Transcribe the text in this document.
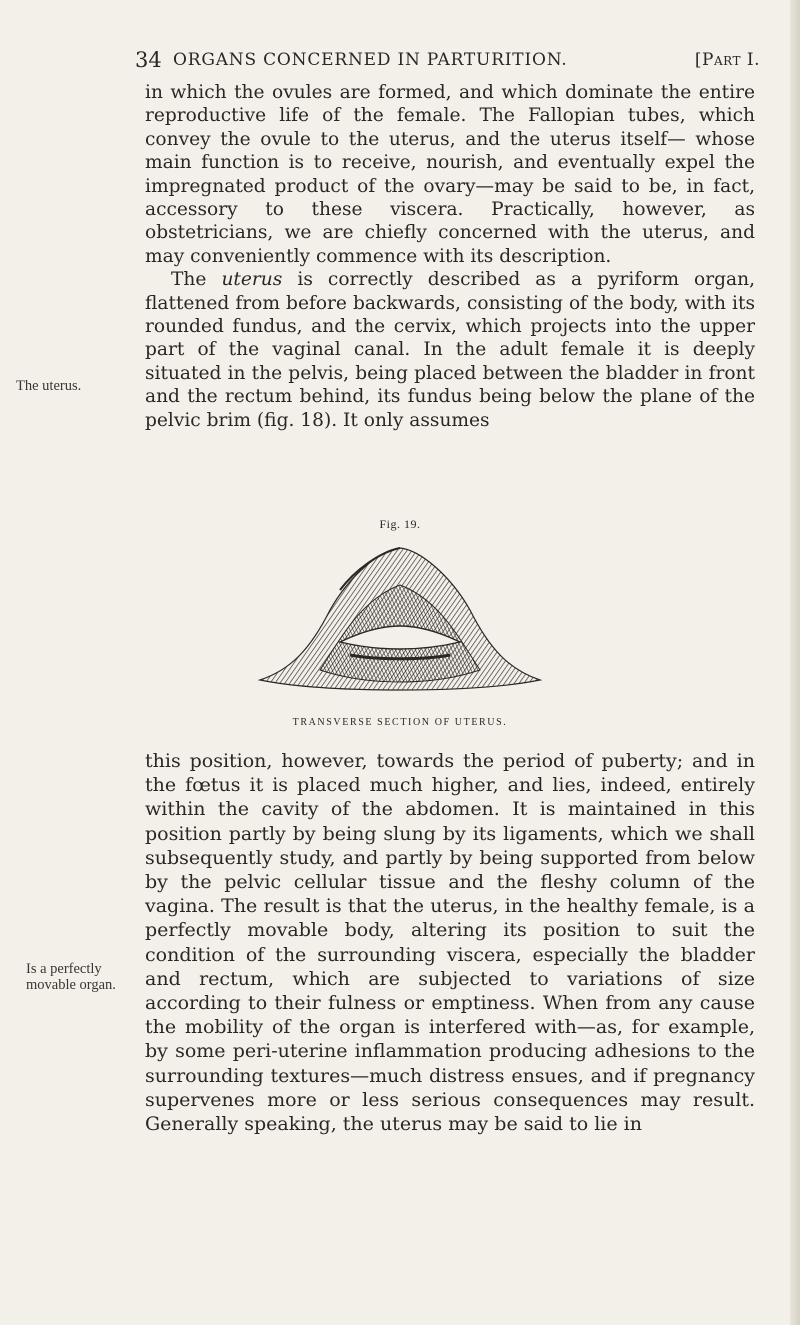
34 ORGANS CONCERNED IN PARTURITION.	[Part I.
The uterus.
Is a perfectly movable organ.

in which the ovules are formed, and which dominate the entire reproductive life of the female. The Fallopian tubes, which convey the ovule to the uterus, and the uterus itself— whose main function is to receive, nourish, and eventually expel the impregnated product of the ovary—may be said to be, in fact, accessory to these viscera. Practically, however, as obstetricians, we are chiefly concerned with the uterus, and may conveniently commence with its description.

The uterus is correctly described as a pyriform organ, flattened from before backwards, consisting of the body, with its rounded fundus, and the cervix, which projects into the upper part of the vaginal canal. In the adult female it is deeply situated in the pelvis, being placed between the bladder in front and the rectum behind, its fundus being below the plane of the pelvic brim (fig. 18). It only assumes

Fig. 19.
TRANSVERSE SECTION OF UTERUS.

this position, however, towards the period of puberty; and in the fœtus it is placed much higher, and lies, indeed, entirely within the cavity of the abdomen. It is maintained in this position partly by being slung by its ligaments, which we shall subsequently study, and partly by being supported from below by the pelvic cellular tissue and the fleshy column of the vagina. The result is that the uterus, in the healthy female, is a perfectly movable body, altering its position to suit the condition of the surrounding viscera, especially the bladder and rectum, which are subjected to variations of size according to their fulness or emptiness. When from any cause the mobility of the organ is interfered with—as, for example, by some peri-uterine inflammation producing adhesions to the surrounding textures—much distress ensues, and if pregnancy supervenes more or less serious consequences may result. Generally speaking, the uterus may be said to lie in
